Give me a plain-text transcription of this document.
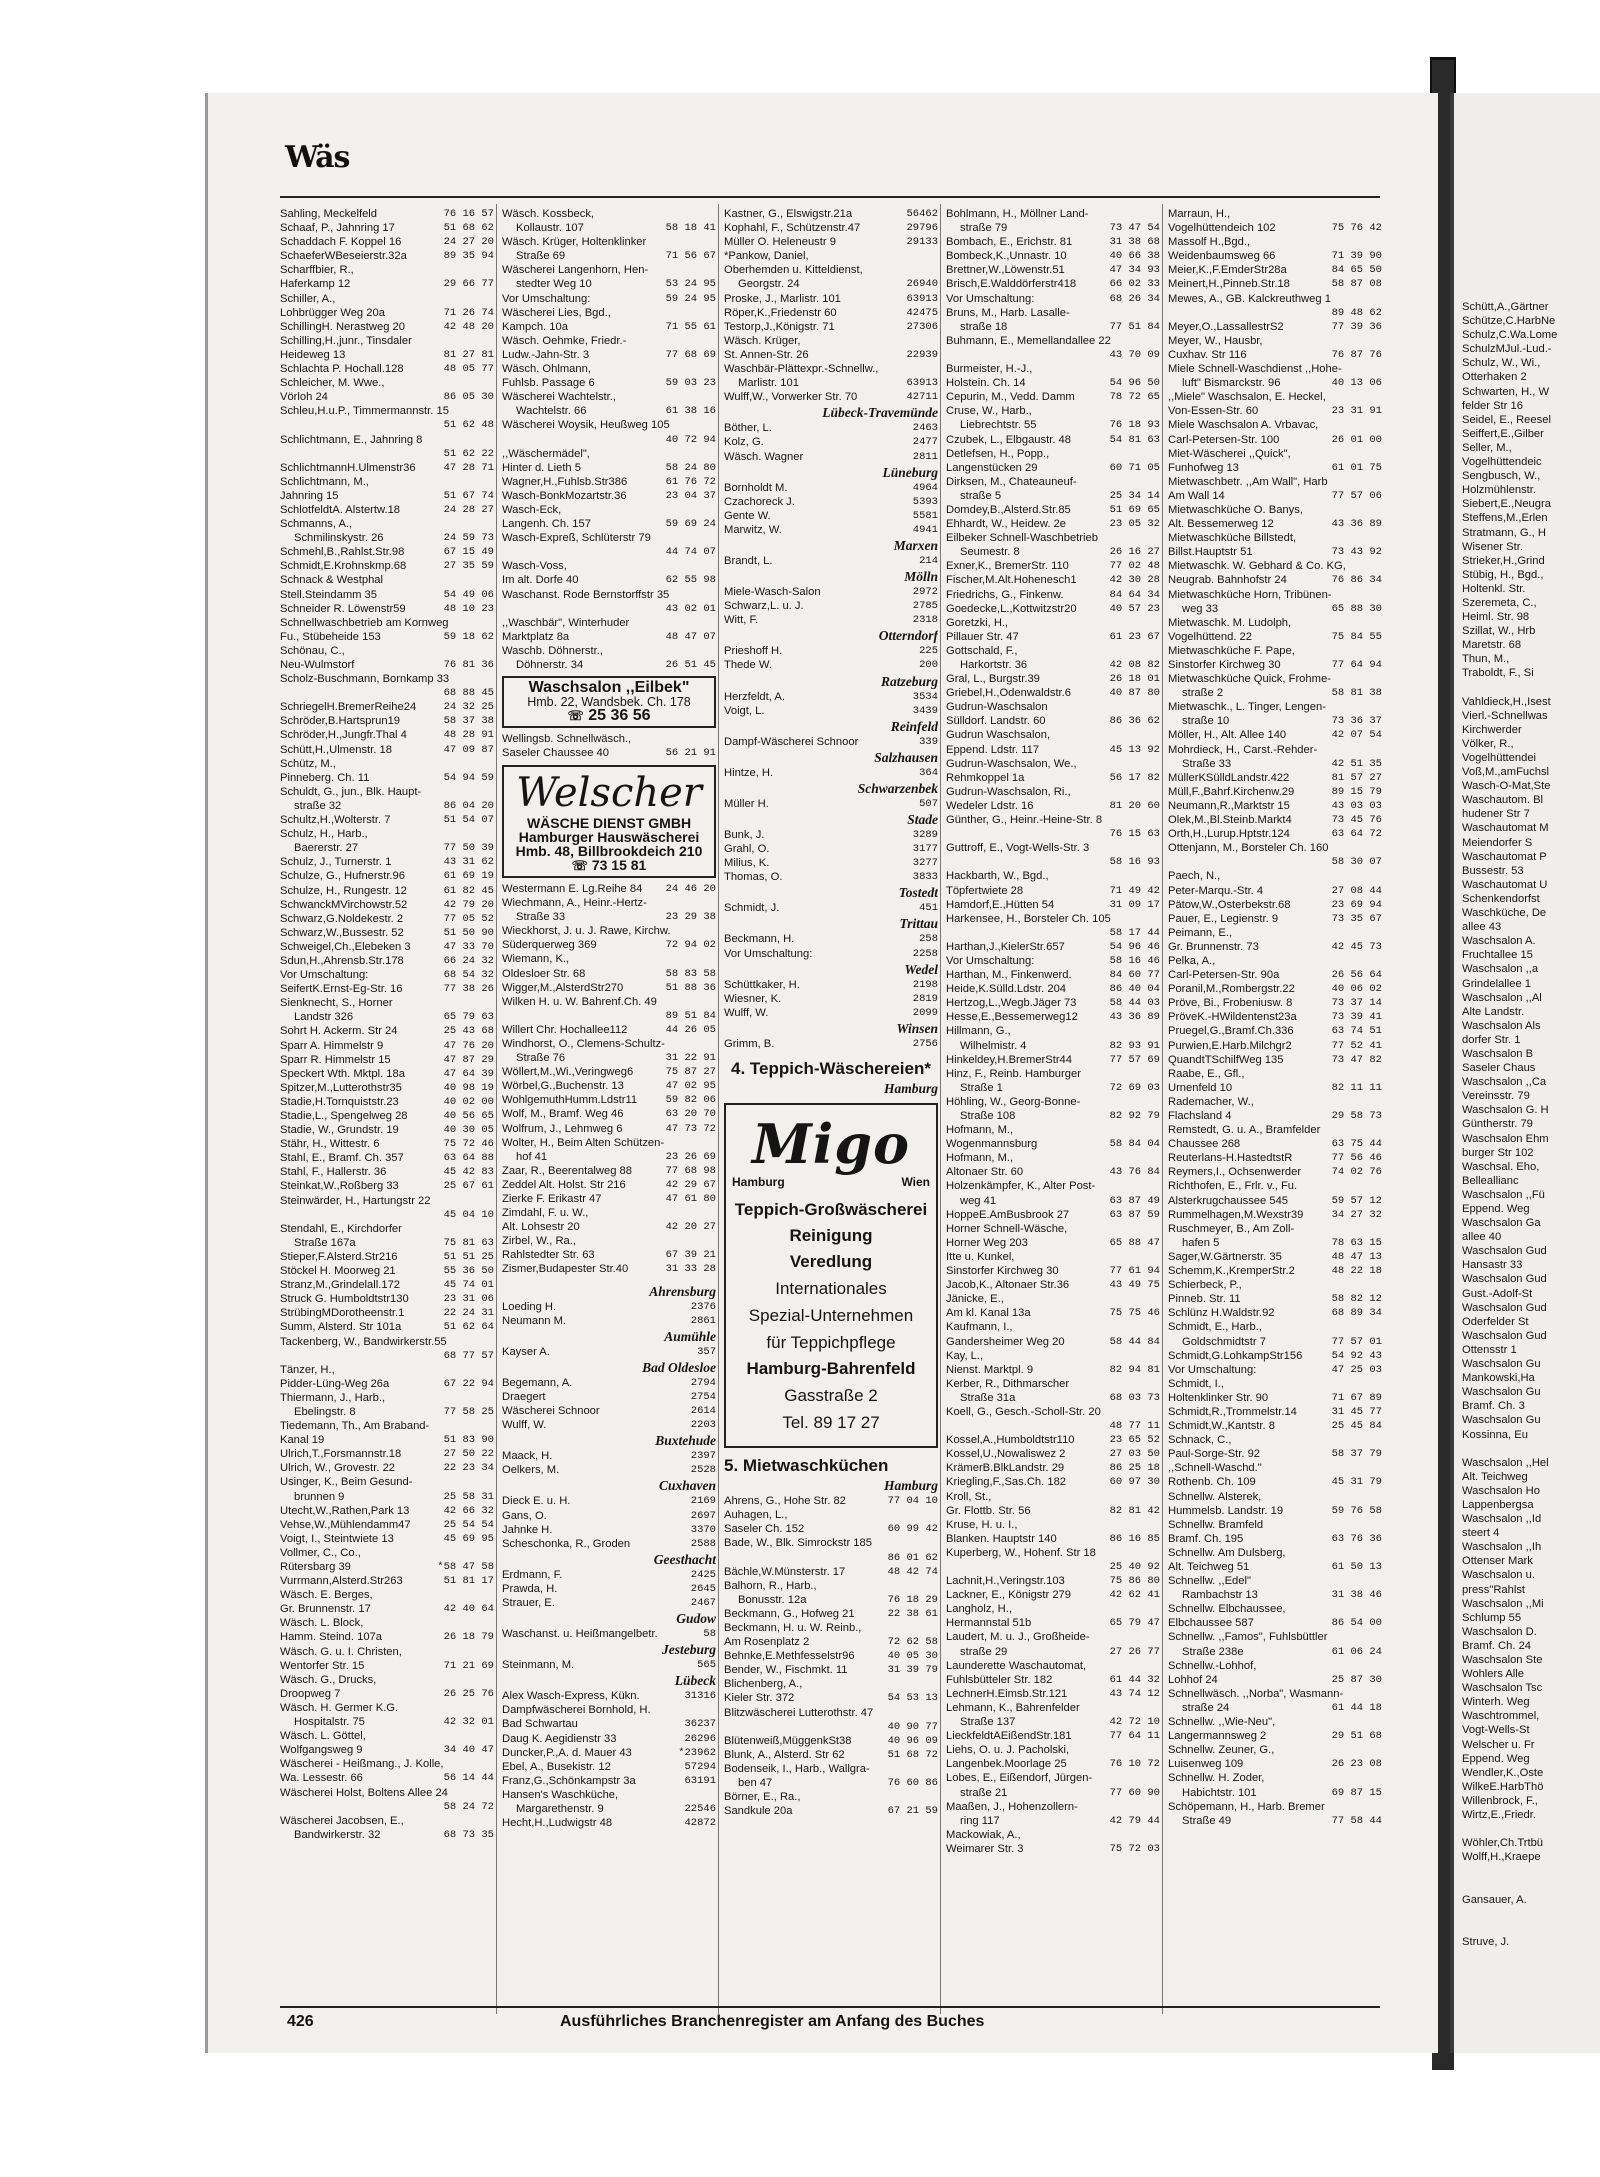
Schütt,A.,Gärtner
Schütze,C.HarbNe
Schulz,C.Wa.Lome
SchulzMJul.-Lud.-
Schulz, W., Wi.,
Otterhaken 2
Schwarten, H., W
felder Str 16
Seidel, E., Reesel
Seiffert,E.,Gilber
Seller, M.,
Vogelhüttendeic
Sengbusch, W.,
Holzmühlenstr.
Siebert,E.,Neugra
Steffens,M.,Erlen
Stratmann, G., H
Wisener Str.
Strieker,H.,Grind
Stübig, H., Bgd.,
Holtenkl. Str.
Szeremeta, C.,
Heiml. Str. 98
Szillat, W., Hrb
Maretstr. 68
Thun, M.,
Traboldt, F., Si
Vahldieck,H.,Isest
Vierl.-Schnellwas
Kirchwerder
Völker, R.,
Vogelhüttendei
Voß,M.,amFuchsl
Wasch-O-Mat,Ste
Waschautom. Bl
hudener Str 7
Waschautomat M
Meiendorfer S
Waschautomat P
Bussestr. 53
Waschautomat U
Schenkendorfst
Waschküche, De
allee 43
Waschsalon A.
Fruchtallee 15
Waschsalon ,,a
Grindelallee 1
Waschsalon ,,Al
Alte Landstr.
Waschsalon Als
dorfer Str. 1
Waschsalon B
Saseler Chaus
Waschsalon ,,Ca
Vereinsstr. 79
Waschsalon G. H
Güntherstr. 79
Waschsalon Ehm
burger Str 102
Waschsal. Eho,
Belleallianc
Waschsalon ,,Fü
Eppend. Weg
Waschsalon Ga
allee 40
Waschsalon Gud
Hansastr 33
Waschsalon Gud
Gust.-Adolf-St
Waschsalon Gud
Oderfelder St
Waschsalon Gud
Ottensstr 1
Waschsalon Gu
Mankowski,Ha
Waschsalon Gu
Bramf. Ch. 3
Waschsalon Gu
Kossinna, Eu
Waschsalon ,,Hel
Alt. Teichweg
Waschsalon Ho
Lappenbergsa
Waschsalon ,,Id
steert 4
Waschsalon ,,Ih
Ottenser Mark
Waschsalon u.
press"Rahlst
Waschsalon ,,Mi
Schlump 55
Waschsalon D.
Bramf. Ch. 24
Waschsalon Ste
Wohlers Alle
Waschsalon Tsc
Winterh. Weg
Waschtrommel,
Vogt-Wells-St
Welscher u. Fr
Eppend. Weg
Wendler,K.,Oste
WilkeE.HarbThö
Willenbrock, F.,
Wirtz,E.,Friedr.
Wöhler,Ch.Trtbü
Wolff,H.,Kraepe
Gansauer, A.
Struve, J.
Wäs
Sahling, Meckelfeld	76 16 57
Schaaf, P., Jahnring 17	51 68 62
Schaddach F. Koppel 16	24 27 20
SchaeferWBeseierstr.32a	89 35 94
Scharffbier, R.,
Haferkamp 12	29 66 77
Schiller, A.,
Lohbrügger Weg 20a	71 26 74
SchillingH. Nerastweg 20	42 48 20
Schilling,H.,junr., Tinsdaler
Heideweg 13	81 27 81
Schlachta P. Hochall.128	48 05 77
Schleicher, M. Wwe.,
Vörloh 24	86 05 30
Schleu,H.u.P., Timmermannstr. 15
51 62 48
Schlichtmann, E., Jahnring 8
51 62 22
SchlichtmannH.Ulmenstr36	47 28 71
Schlichtmann, M.,
Jahnring 15	51 67 74
SchlotfeldtA. Alstertw.18	24 28 27
Schmanns, A.,
Schmilinskystr. 26	24 59 73
Schmehl,B.,Rahlst.Str.98	67 15 49
Schmidt,E.Krohnskmp.68	27 35 59
Schnack & Westphal
Stell.Steindamm 35	54 49 06
Schneider R. Löwenstr59	48 10 23
Schnellwaschbetrieb am Kornweg
Fu., Stübeheide 153	59 18 62
Schönau, C.,
Neu-Wulmstorf	76 81 36
Scholz-Buschmann, Bornkamp 33
68 88 45
SchriegelH.BremerReihe24	24 32 25
Schröder,B.Hartsprun19	58 37 38
Schröder,H.,Jungfr.Thal 4	48 28 91
Schütt,H.,Ulmenstr. 18	47 09 87
Schütz, M.,
Pinneberg. Ch. 11	54 94 59
Schuldt, G., jun., Blk. Haupt-
straße 32	86 04 20
Schultz,H.,Wolterstr. 7	51 54 07
Schulz, H., Harb.,
Baererstr. 27	77 50 39
Schulz, J., Turnerstr. 1	43 31 62
Schulze, G., Hufnerstr.96	61 69 19
Schulze, H., Rungestr. 12	61 82 45
SchwanckMVirchowstr.52	42 79 20
Schwarz,G.Noldekestr. 2	77 05 52
Schwarz,W.,Bussestr. 52	51 50 90
Schweigel,Ch.,Elebeken 3	47 33 70
Sdun,H.,Ahrensb.Str.178	66 24 32
Vor Umschaltung:	68 54 32
SeifertK.Ernst-Eg-Str. 16	77 38 26
Sienknecht, S., Horner
Landstr 326	65 79 63
Sohrt H. Ackerm. Str 24	25 43 68
Sparr A. Himmelstr 9	47 76 20
Sparr R. Himmelstr 15	47 87 29
Speckert Wth. Mktpl. 18a	47 64 39
Spitzer,M.,Lutterothstr35	40 98 19
Stadie,H.Tornquiststr.23	40 02 00
Stadie,L., Spengelweg 28	40 56 65
Stadie, W., Grundstr. 19	40 30 05
Stähr, H., Wittestr. 6	75 72 46
Stahl, E., Bramf. Ch. 357	63 64 88
Stahl, F., Hallerstr. 36	45 42 83
Steinkat,W.,Roßberg 33	25 67 61
Steinwärder, H., Hartungstr 22
45 04 10
Stendahl, E., Kirchdorfer
Straße 167a	75 81 63
Stieper,F.Alsterd.Str216	51 51 25
Stöckel H. Moorweg 21	55 36 50
Stranz,M.,Grindelall.172	45 74 01
Struck G. Humboldtstr130	23 31 06
StrübingMDorotheenstr.1	22 24 31
Summ, Alsterd. Str 101a	51 62 64
Tackenberg, W., Bandwirkerstr.55
68 77 57
Tänzer, H.,
Pidder-Lüng-Weg 26a	67 22 94
Thiermann, J., Harb.,
Ebelingstr. 8	77 58 25
Tiedemann, Th., Am Braband-
Kanal 19	51 83 90
Ulrich,T.,Forsmannstr.18	27 50 22
Ulrich, W., Grovestr. 22	22 23 34
Usinger, K., Beim Gesund-
brunnen 9	25 58 31
Utecht,W.,Rathen,Park 13	42 66 32
Vehse,W.,Mühlendamm47	25 54 54
Voigt, I., Steintwiete 13	45 69 95
Vollmer, C., Co.,
Rütersbarg 39	*58 47 58
Vurrmann,Alsterd.Str263	51 81 17
Wäsch. E. Berges,
Gr. Brunnenstr. 17	42 40 64
Wäsch. L. Block,
Hamm. Steind. 107a	26 18 79
Wäsch. G. u. I. Christen,
Wentorfer Str. 15	71 21 69
Wäsch. G., Drucks,
Droopweg 7	26 25 76
Wäsch. H. Germer K.G.
Hospitalstr. 75	42 32 01
Wäsch. L. Göttel,
Wolfgangsweg 9	34 40 47
Wäscherei - Heißmang., J. Kolle,
Wa. Lessestr. 66	56 14 44
Wäscherei Holst, Boltens Allee 24
58 24 72
Wäscherei Jacobsen, E.,
Bandwirkerstr. 32	68 73 35
Wäsch. Kossbeck,
Kollaustr. 107	58 18 41
Wäsch. Krüger, Holtenklinker
Straße 69	71 56 67
Wäscherei Langenhorn, Hen-
stedter Weg 10	53 24 95
Vor Umschaltung:	59 24 95
Wäscherei Lies, Bgd.,
Kampch. 10a	71 55 61
Wäsch. Oehmke, Friedr.-
Ludw.-Jahn-Str. 3	77 68 69
Wäsch. Ohlmann,
Fuhlsb. Passage 6	59 03 23
Wäscherei Wachtelstr.,
Wachtelstr. 66	61 38 16
Wäscherei Woysik, Heußweg 105
40 72 94
,,Wäschermädel",
Hinter d. Lieth 5	58 24 80
Wagner,H.,Fuhlsb.Str386	61 76 72
Wasch-BonkMozartstr.36	23 04 37
Wasch-Eck,
Langenh. Ch. 157	59 69 24
Wasch-Expreß, Schlüterstr 79
44 74 07
Wasch-Voss,
Im alt. Dorfe 40	62 55 98
Waschanst. Rode Bernstorffstr 35
43 02 01
,,Waschbär", Winterhuder
Marktplatz 8a	48 47 07
Waschb. Döhnerstr.,
Döhnerstr. 34	26 51 45
Waschsalon ,,Eilbek"
Hmb. 22, Wandsbek. Ch. 178
☏ 25 36 56
Wellingsb. Schnellwäsch.,
Saseler Chaussee 40	56 21 91
Welscher
WÄSCHE DIENST GMBH
Hamburger Hauswäscherei
Hmb. 48, Billbrookdeich 210
☏ 73 15 81
Westermann E. Lg.Reihe 84	24 46 20
Wiechmann, A., Heinr.-Hertz-
Straße 33	23 29 38
Wieckhorst, J. u. J. Rawe, Kirchw.
Süderquerweg 369	72 94 02
Wiemann, K.,
Oldesloer Str. 68	58 83 58
Wigger,M.,AlsterdStr270	51 88 36
Wilken H. u. W. Bahrenf.Ch. 49
89 51 84
Willert Chr. Hochallee112	44 26 05
Windhorst, O., Clemens-Schultz-
Straße 76	31 22 91
Wöllert,M.,Wi.,Veringweg6	75 87 27
Wörbel,G.,Buchenstr. 13	47 02 95
WohlgemuthHumm.Ldstr11	59 82 06
Wolf, M., Bramf. Weg 46	63 20 70
Wolfrum, J., Lehmweg 6	47 73 72
Wolter, H., Beim Alten Schützen-
hof 41	23 26 69
Zaar, R., Beerentalweg 88	77 68 98
Zeddel Alt. Holst. Str 216	42 29 67
Zierke F. Erikastr 47	47 61 80
Zimdahl, F. u. W.,
Alt. Lohsestr 20	42 20 27
Zirbel, W., Ra.,
Rahlstedter Str. 63	67 39 21
Zismer,Budapester Str.40	31 33 28
Ahrensburg
Loeding H.	2376
Neumann M.	2861
Aumühle
Kayser A.	357
Bad Oldesloe
Begemann, A.	2794
Draegert	2754
Wäscherei Schnoor	2614
Wulff, W.	2203
Buxtehude
Maack, H.	2397
Oelkers, M.	2528
Cuxhaven
Dieck E. u. H.	2169
Gans, O.	2697
Jahnke H.	3370
Scheschonka, R., Groden	2588
Geesthacht
Erdmann, F.	2425
Prawda, H.	2645
Strauer, E.	2467
Gudow
Waschanst. u. Heißmangelbetr.	58
Jesteburg
Steinmann, M.	565
Lübeck
Alex Wasch-Express, Kükn.	31316
Dampfwäscherei Bornhold, H.
Bad Schwartau	36237
Daug K. Aegidienstr 33	26296
Duncker,P.,A. d. Mauer 43	*23962
Ebel, A., Busekistr. 12	57294
Franz,G.,Schönkampstr 3a	63191
Hansen's Waschküche,
Margarethenstr. 9	22546
Hecht,H.,Ludwigstr 48	42872
Kastner, G., Elswigstr.21a	56462
Kophahl, F., Schützenstr.47	29796
Müller O. Heleneustr 9	29133
*Pankow, Daniel,
Oberhemden u. Kitteldienst,
Georgstr. 24	26940
Proske, J., Marlistr. 101	63913
Röper,K.,Friedenstr 60	42475
Testorp,J.,Königstr. 71	27306
Wäsch. Krüger,
St. Annen-Str. 26	22939
Waschbär-Plättexpr.-Schnellw.,
Marlistr. 101	63913
Wulff,W., Vorwerker Str. 70	42711
Lübeck-Travemünde
Böther, L.	2463
Kolz, G.	2477
Wäsch. Wagner	2811
Lüneburg
Bornholdt M.	4964
Czachoreck J.	5393
Gente W.	5581
Marwitz, W.	4941
Marxen
Brandt, L.	214
Mölln
Miele-Wasch-Salon	2972
Schwarz,L. u. J.	2785
Witt, F.	2318
Otterndorf
Prieshoff H.	225
Thede W.	200
Ratzeburg
Herzfeldt, A.	3534
Voigt, L.	3439
Reinfeld
Dampf-Wäscherei Schnoor	339
Salzhausen
Hintze, H.	364
Schwarzenbek
Müller H.	507
Stade
Bunk, J.	3289
Grahl, O.	3177
Milius, K.	3277
Thomas, O.	3833
Tostedt
Schmidt, J.	451
Trittau
Beckmann, H.	258
Vor Umschaltung:	2258
Wedel
Schüttkaker, H.	2198
Wiesner, K.	2819
Wulff, W.	2099
Winsen
Grimm, B.	2756
4. Teppich-Wäschereien*
Hamburg
Migo
Hamburg	Wien
Teppich-Großwäscherei
Reinigung
Veredlung
Internationales
Spezial-Unternehmen
für Teppichpflege
Hamburg-Bahrenfeld
Gasstraße 2
Tel. 89 17 27
5. Mietwaschküchen
Hamburg
Ahrens, G., Hohe Str. 82	77 04 10
Auhagen, L.,
Saseler Ch. 152	60 99 42
Bade, W., Blk. Simrockstr 185
86 01 62
Bächle,W.Münsterstr. 17	48 42 74
Balhorn, R., Harb.,
Bonusstr. 12a	76 18 29
Beckmann, G., Hofweg 21	22 38 61
Beckmann, H. u. W. Reinb.,
Am Rosenplatz 2	72 62 58
Behnke,E.Methfesselstr96	40 05 30
Bender, W., Fischmkt. 11	31 39 79
Blichenberg, A.,
Kieler Str. 372	54 53 13
Blitzwäscherei Lutterothstr. 47
40 90 77
Blütenweiß,MüggenkSt38	40 96 09
Blunk, A., Alsterd. Str 62	51 68 72
Bodenseik, I., Harb., Wallgra-
ben 47	76 60 86
Börner, E., Ra.,
Sandkule 20a	67 21 59
Bohlmann, H., Möllner Land-
straße 79	73 47 54
Bombach, E., Erichstr. 81	31 38 68
Bombeck,K.,Unnastr. 10	40 66 38
Brettner,W.,Löwenstr.51	47 34 93
Brisch,E.Walddörferstr418	66 02 33
Vor Umschaltung:	68 26 34
Bruns, M., Harb. Lasalle-
straße 18	77 51 84
Buhmann, E., Memellandallee 22
43 70 09
Burmeister, H.-J.,
Holstein. Ch. 14	54 96 50
Cepurin, M., Vedd. Damm	78 72 65
Cruse, W., Harb.,
Liebrechtstr. 55	76 18 93
Czubek, L., Elbgaustr. 48	54 81 63
Detlefsen, H., Popp.,
Langenstücken 29	60 71 05
Dirksen, M., Chateauneuf-
straße 5	25 34 14
Domdey,B.,Alsterd.Str.85	51 69 65
Ehhardt, W., Heidew. 2e	23 05 32
Eilbeker Schnell-Waschbetrieb
Seumestr. 8	26 16 27
Exner,K., BremerStr. 110	77 02 48
Fischer,M.Alt.Hohenesch1	42 30 28
Friedrichs, G., Finkenw.	84 64 34
Goedecke,L.,Kottwitzstr20	40 57 23
Goretzki, H.,
Pillauer Str. 47	61 23 67
Gottschald, F.,
Harkortstr. 36	42 08 82
Gral, L., Burgstr.39	26 18 01
Griebel,H.,Odenwaldstr.6	40 87 80
Gudrun-Waschsalon
Sülldorf. Landstr. 60	86 36 62
Gudrun Waschsalon,
Eppend. Ldstr. 117	45 13 92
Gudrun-Waschsalon, We.,
Rehmkoppel 1a	56 17 82
Gudrun-Waschsalon, Ri.,
Wedeler Ldstr. 16	81 20 60
Günther, G., Heinr.-Heine-Str. 8
76 15 63
Guttroff, E., Vogt-Wells-Str. 3
58 16 93
Hackbarth, W., Bgd.,
Töpfertwiete 28	71 49 42
Hamdorf,E.,Hütten 54	31 09 17
Harkensee, H., Borsteler Ch. 105
58 17 44
Harthan,J.,KielerStr.657	54 96 46
Vor Umschaltung:	58 16 46
Harthan, M., Finkenwerd.	84 60 77
Heide,K.Sülld.Ldstr. 204	86 40 04
Hertzog,L.,Wegb.Jäger 73	58 44 03
Hesse,E.,Bessemerweg12	43 36 89
Hillmann, G.,
Wilhelmistr. 4	82 93 91
Hinkeldey,H.BremerStr44	77 57 69
Hinz, F., Reinb. Hamburger
Straße 1	72 69 03
Höhling, W., Georg-Bonne-
Straße 108	82 92 79
Hofmann, M.,
Wogenmannsburg	58 84 04
Hofmann, M.,
Altonaer Str. 60	43 76 84
Holzenkämpfer, K., Alter Post-
weg 41	63 87 49
HoppeE.AmBusbrook 27	63 87 59
Horner Schnell-Wäsche,
Horner Weg 203	65 88 47
Itte u. Kunkel,
Sinstorfer Kirchweg 30	77 61 94
Jacob,K., Altonaer Str.36	43 49 75
Jänicke, E.,
Am kl. Kanal 13a	75 75 46
Kaufmann, I.,
Gandersheimer Weg 20	58 44 84
Kay, L.,
Nienst. Marktpl. 9	82 94 81
Kerber, R., Dithmarscher
Straße 31a	68 03 73
Koell, G., Gesch.-Scholl-Str. 20
48 77 11
Kossel,A.,Humboldtstr110	23 65 52
Kossel,U.,Nowaliswez 2	27 03 50
KrämerB.BlkLandstr. 29	86 25 18
Kriegling,F.,Sas.Ch. 182	60 97 30
Kroll, St.,
Gr. Flottb. Str. 56	82 81 42
Kruse, H. u. I.,
Blanken. Hauptstr 140	86 16 85
Kuperberg, W., Hohenf. Str 18
25 40 92
Lachnit,H.,Veringstr.103	75 86 80
Lackner, E., Königstr 279	42 62 41
Langholz, H.,
Hermannstal 51b	65 79 47
Laudert, M. u. J., Großheide-
straße 29	27 26 77
Launderette Waschautomat,
Fuhlsbütteler Str. 182	61 44 32
LechnerH.Eimsb.Str.121	43 74 12
Lehmann, K., Bahrenfelder
Straße 137	42 72 10
LieckfeldtAEißendStr.181	77 64 11
Liehs, O. u. J. Pacholski,
Langenbek.Moorlage 25	76 10 72
Lobes, E., Eißendorf, Jürgen-
straße 21	77 60 90
Maaßen, J., Hohenzollern-
ring 117	42 79 44
Mackowiak, A.,
Weimarer Str. 3	75 72 03
Marraun, H.,
Vogelhüttendeich 102	75 76 42
Massolf H.,Bgd.,
Weidenbaumsweg 66	71 39 90
Meier,K.,F.EmderStr28a	84 65 50
Meinert,H.,Pinneb.Str.18	58 87 08
Mewes, A., GB. Kalckreuthweg 1
89 48 62
Meyer,O.,LassallestrS2	77 39 36
Meyer, W., Hausbr,
Cuxhav. Str 116	76 87 76
Miele Schnell-Waschdienst ,,Hohe-
luft" Bismarckstr. 96	40 13 06
,,Miele" Waschsalon, E. Heckel,
Von-Essen-Str. 60	23 31 91
Miele Waschsalon A. Vrbavac,
Carl-Petersen-Str. 100	26 01 00
Miet-Wäscherei ,,Quick",
Funhofweg 13	61 01 75
Mietwaschbetr. ,,Am Wall", Harb
Am Wall 14	77 57 06
Mietwaschküche O. Banys,
Alt. Bessemerweg 12	43 36 89
Mietwaschküche Billstedt,
Billst.Hauptstr 51	73 43 92
Mietwaschk. W. Gebhard & Co. KG,
Neugrab. Bahnhofstr 24	76 86 34
Mietwaschküche Horn, Tribünen-
weg 33	65 88 30
Mietwaschk. M. Ludolph,
Vogelhüttend. 22	75 84 55
Mietwaschküche F. Pape,
Sinstorfer Kirchweg 30	77 64 94
Mietwaschküche Quick, Frohme-
straße 2	58 81 38
Mietwaschk., L. Tinger, Lengen-
straße 10	73 36 37
Möller, H., Alt. Allee 140	42 07 54
Mohrdieck, H., Carst.-Rehder-
Straße 33	42 51 35
MüllerKSülldLandstr.422	81 57 27
Müll,F.,Bahrf.Kirchenw.29	89 15 79
Neumann,R.,Marktstr 15	43 03 03
Olek,M.,Bl.Steinb.Markt4	73 45 76
Orth,H.,Lurup.Hptstr.124	63 64 72
Ottenjann, M., Borsteler Ch. 160
58 30 07
Paech, N.,
Peter-Marqu.-Str. 4	27 08 44
Pätow,W.,Osterbekstr.68	23 69 94
Pauer, E., Legienstr. 9	73 35 67
Peimann, E.,
Gr. Brunnenstr. 73	42 45 73
Pelka, A.,
Carl-Petersen-Str. 90a	26 56 64
Poranil,M.,Rombergstr.22	40 06 02
Pröve, Bi., Frobeniusw. 8	73 37 14
PröveK.-HWildentenst23a	73 39 41
Pruegel,G.,Bramf.Ch.336	63 74 51
Purwien,E.Harb.Milchgr2	77 52 41
QuandtTSchilfWeg 135	73 47 82
Raabe, E., Gfl.,
Urnenfeld 10	82 11 11
Rademacher, W.,
Flachsland 4	29 58 73
Remstedt, G. u. A., Bramfelder
Chaussee 268	63 75 44
Reuterlans-H.HastedtstR	77 56 46
Reymers,I., Ochsenwerder	74 02 76
Richthofen, E., Frlr. v., Fu.
Alsterkrugchaussee 545	59 57 12
Rummelhagen,M.Wexstr39	34 27 32
Ruschmeyer, B., Am Zoll-
hafen 5	78 63 15
Sager,W.Gärtnerstr. 35	48 47 13
Schemm,K.,KremperStr.2	48 22 18
Schierbeck, P.,
Pinneb. Str. 11	58 82 12
Schlünz H.Waldstr.92	68 89 34
Schmidt, E., Harb.,
Goldschmidtstr 7	77 57 01
Schmidt,G.LohkampStr156	54 92 43
Vor Umschaltung:	47 25 03
Schmidt, I.,
Holtenklinker Str. 90	71 67 89
Schmidt,R.,Trommelstr.14	31 45 77
Schmidt,W.,Kantstr. 8	25 45 84
Schnack, C.,
Paul-Sorge-Str. 92	58 37 79
,,Schnell-Waschd."
Rothenb. Ch. 109	45 31 79
Schnellw. Alsterek,
Hummelsb. Landstr. 19	59 76 58
Schnellw. Bramfeld
Bramf. Ch. 195	63 76 36
Schnellw. Am Dulsberg,
Alt. Teichweg 51	61 50 13
Schnellw. ,,Edel"
Rambachstr 13	31 38 46
Schnellw. Elbchaussee,
Elbchaussee 587	86 54 00
Schnellw. ,,Famos", Fuhlsbüttler
Straße 238e	61 06 24
Schnellw.-Lohhof,
Lohhof 24	25 87 30
Schnellwäsch. ,,Norba", Wasmann-
straße 24	61 44 18
Schnellw. ,,Wie-Neu",
Langermannsweg 2	29 51 68
Schnellw. Zeuner, G.,
Luisenweg 109	26 23 08
Schnellw. H. Zoder,
Habichtstr. 101	69 87 15
Schöpemann, H., Harb. Bremer
Straße 49	77 58 44
426	Ausführliches Branchenregister am Anfang des Buches
